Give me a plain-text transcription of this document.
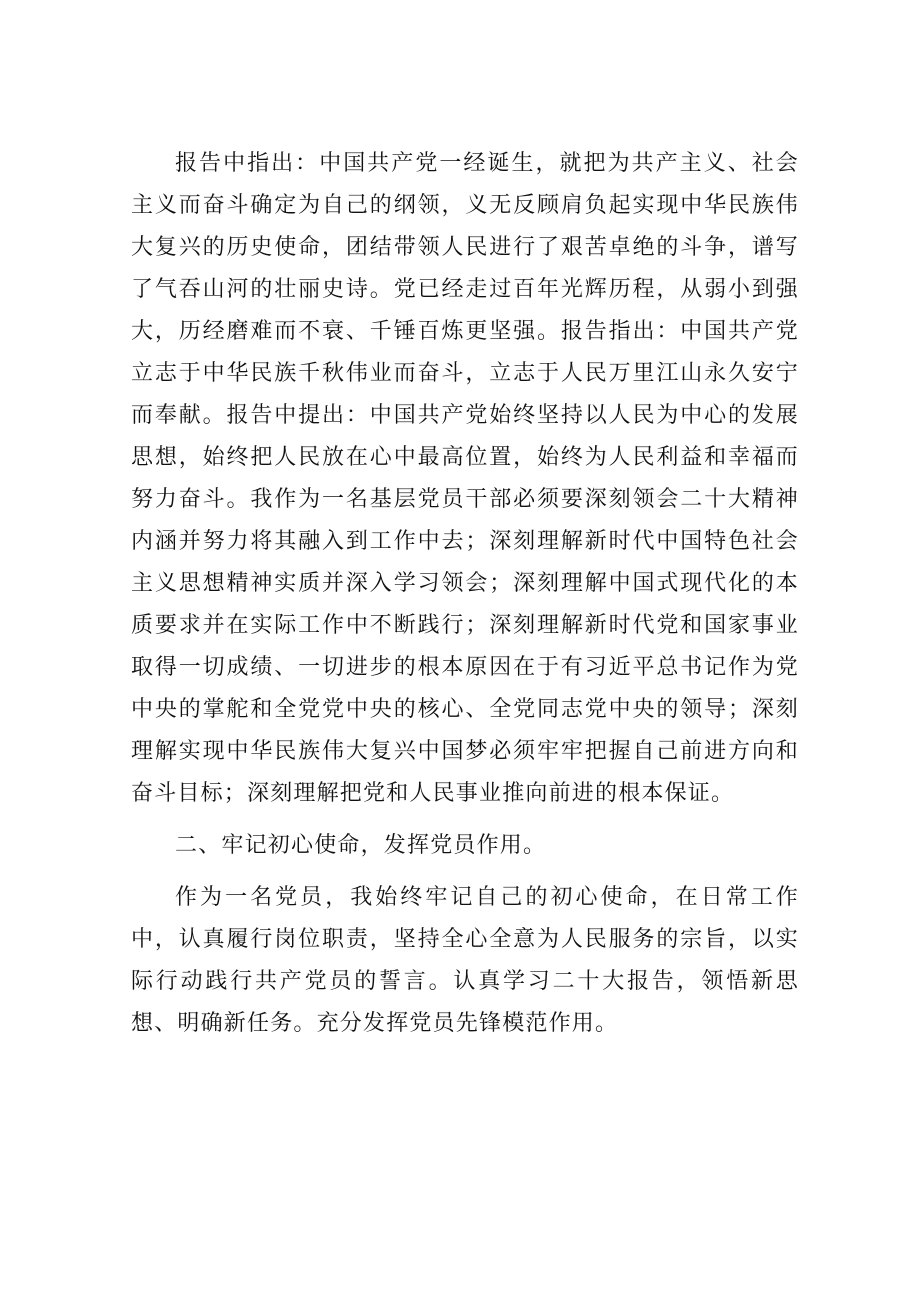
报告中指出：中国共产党一经诞生，就把为共产主义、社会主义而奋斗确定为自己的纲领，义无反顾肩负起实现中华民族伟大复兴的历史使命，团结带领人民进行了艰苦卓绝的斗争，谱写了气吞山河的壮丽史诗。党已经走过百年光辉历程，从弱小到强大，历经磨难而不衰、千锤百炼更坚强。报告指出：中国共产党立志于中华民族千秋伟业而奋斗，立志于人民万里江山永久安宁而奉献。报告中提出：中国共产党始终坚持以人民为中心的发展思想，始终把人民放在心中最高位置，始终为人民利益和幸福而努力奋斗。我作为一名基层党员干部必须要深刻领会二十大精神内涵并努力将其融入到工作中去；深刻理解新时代中国特色社会主义思想精神实质并深入学习领会；深刻理解中国式现代化的本质要求并在实际工作中不断践行；深刻理解新时代党和国家事业取得一切成绩、一切进步的根本原因在于有习近平总书记作为党中央的掌舵和全党党中央的核心、全党同志党中央的领导；深刻理解实现中华民族伟大复兴中国梦必须牢牢把握自己前进方向和奋斗目标；深刻理解把党和人民事业推向前进的根本保证。

二、牢记初心使命，发挥党员作用。

作为一名党员，我始终牢记自己的初心使命，在日常工作中，认真履行岗位职责，坚持全心全意为人民服务的宗旨，以实际行动践行共产党员的誓言。认真学习二十大报告，领悟新思想、明确新任务。充分发挥党员先锋模范作用。
